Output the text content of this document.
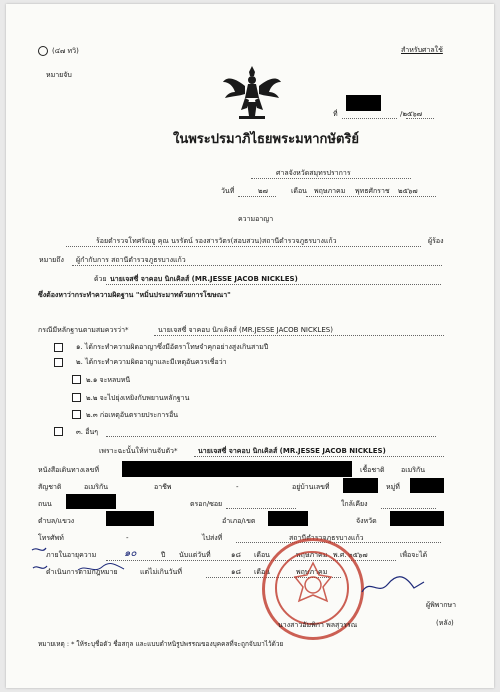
(๔๗ ทวิ)
หมายจับ
สำหรับศาลใช้
ที่	/๒๕๖๗
ในพระปรมาภิไธยพระมหากษัตริย์
ศาลจังหวัดสมุทรปราการ
วันที่	๒๗	เดือน พฤษภาคม พุทธศักราช ๒๕๖๗
ความอาญา
ร้อยตำรวจโทศรัณยู คุณ นรรัตน์ รองสารวัตร(สอบสวน)สถานีตำรวจภูธรบางแก้ว	ผู้ร้อง
หมายถึง ผู้กำกับการ สถานีตำรวจภูธรบางแก้ว
ด้วย นายเจสซี่ จาคอบ นิกเคิลส์ (MR.JESSE JACOB NICKLES)
ซึ่งต้องหาว่ากระทำความผิดฐาน "หมิ่นประมาทด้วยการโฆษณา"
กรณีมีหลักฐานตามสมควรว่า*	นายเจสซี่ จาคอบ นิกเคิลส์ (MR.JESSE JACOB NICKLES)
๑. ได้กระทำความผิดอาญาซึ่งมีอัตราโทษจำคุกอย่างสูงเกินสามปี
๒. ได้กระทำความผิดอาญาและมีเหตุอันควรเชื่อว่า
๒.๑ จะหลบหนี
๒.๒ จะไปยุ่งเหยิงกับพยานหลักฐาน
๒.๓ ก่อเหตุอันตรายประการอื่น
๓. อื่นๆ
เพราะฉะนั้นให้ท่านจับตัว*	นายเจสซี่ จาคอบ นิกเคิลส์ (MR.JESSE JACOB NICKLES)
หนังสือเดินทางเลขที่	เชื้อชาติ อเมริกัน
สัญชาติ	อเมริกัน	อาชีพ	-	อยู่บ้านเลขที่	หมู่ที่
ถนน	ตรอก/ซอย	ใกล้เคียง
ตำบล/แขวง	อำเภอ/เขต	จังหวัด
โทรศัพท์	-	ไปส่งที่	สถานีตำรวจภูธรบางแก้ว
ภายในอายุความ	๑๐	ปี นับแต่วันที่	๑๘ เดือน	พฤษภาคม พ.ศ. ๒๕๖๗	เพื่อจะได้
ดำเนินการตามกฎหมาย	แต่ไม่เกินวันที่	๑๘ เดือน	พฤษภาคม
ผู้พิพากษา
นางสาวอัมพิกา พลสุวรรณ	(หลัง)
หมายเหตุ : * ให้ระบุชื่อตัว ชื่อสกุล และแบบตำหนิรูปพรรณของบุคคลที่จะถูกจับมาไว้ด้วย
